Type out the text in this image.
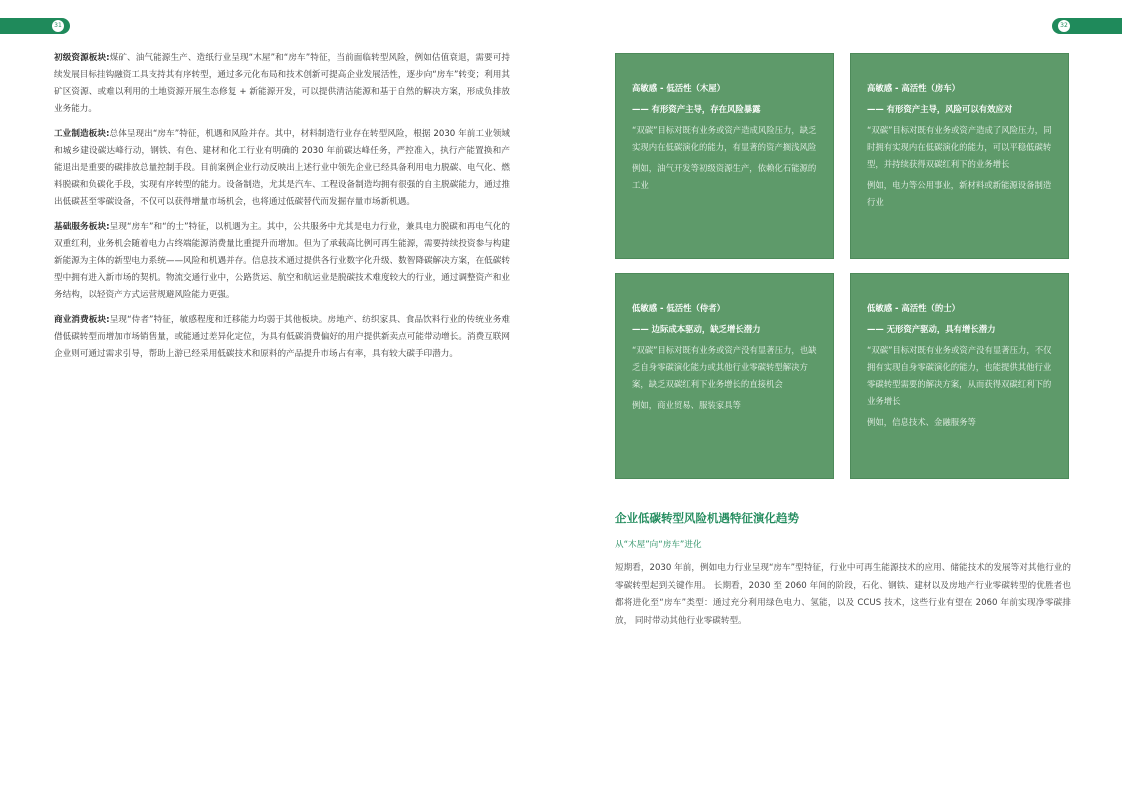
31	32

初级资源板块:煤矿、油气能源生产、造纸行业呈现“木屋”和“房车”特征，当前面临转型风险，例如估值衰退，需要可持续发展目标挂钩融资工具支持其有序转型，通过多元化布局和技术创新可提高企业发展活性，逐步向“房车”转变；利用其矿区资源、或难以利用的土地资源开展生态修复 + 新能源开发，可以提供清洁能源和基于自然的解决方案，形成负排放业务能力。

工业制造板块:总体呈现出“房车”特征，机遇和风险并存。其中，材料制造行业存在转型风险，根据 2030 年前工业领域和城乡建设碳达峰行动，钢铁、有色、建材和化工行业有明确的 2030 年前碳达峰任务，严控准入，执行产能置换和产能退出是重要的碳排放总量控制手段。目前案例企业行动反映出上述行业中领先企业已经具备利用电力脱碳、电气化、燃料脱碳和负碳化手段，实现有序转型的能力。设备制造，尤其是汽车、工程设备制造均拥有很强的自主脱碳能力，通过推出低碳甚至零碳设备，不仅可以获得增量市场机会，也将通过低碳替代而发掘存量市场新机遇。

基础服务板块:呈现“房车”和“的士”特征，以机遇为主。其中，公共服务中尤其是电力行业，兼具电力脱碳和再电气化的双重红利，业务机会随着电力占终端能源消费量比重提升而增加。但为了承载高比例可再生能源，需要持续投资参与构建新能源为主体的新型电力系统——风险和机遇并存。信息技术通过提供各行业数字化升级、数智降碳解决方案，在低碳转型中拥有进入新市场的契机。物流交通行业中，公路货运、航空和航运业是脱碳技术难度较大的行业，通过调整资产和业务结构，以轻资产方式运营规避风险能力更强。

商业消费板块:呈现“侍者”特征，敏感程度和迁移能力均弱于其他板块。房地产、纺织家具、食品饮料行业的传统业务难借低碳转型而增加市场销售量，或能通过差异化定位，为具有低碳消费偏好的用户提供新卖点可能带动增长。消费互联网企业则可通过需求引导，帮助上游已经采用低碳技术和原料的产品提升市场占有率，具有较大碳手印潜力。

高敏感 - 低活性（木屋）
—— 有形资产主导，存在风险暴露
“双碳”目标对既有业务或资产造成风险压力，缺乏实现内在低碳演化的能力，有显著的资产搁浅风险
例如，油气开发等初级资源生产，依赖化石能源的工业
高敏感 - 高活性（房车）
—— 有形资产主导，风险可以有效应对
“双碳”目标对既有业务或资产造成了风险压力，同时拥有实现内在低碳演化的能力，可以平稳低碳转型，并持续获得双碳红利下的业务增长
例如，电力等公用事业，新材料或新能源设备制造行业
低敏感 - 低活性（侍者）
—— 边际成本驱动，缺乏增长潜力
“双碳”目标对既有业务或资产没有显著压力，也缺乏自身零碳演化能力或其他行业零碳转型解决方案，缺乏双碳红利下业务增长的直接机会
例如，商业贸易、服装家具等
低敏感 - 高活性（的士）
—— 无形资产驱动，具有增长潜力
“双碳”目标对既有业务或资产没有显著压力，不仅拥有实现自身零碳演化的能力，也能提供其他行业零碳转型需要的解决方案，从而获得双碳红利下的业务增长
例如，信息技术、金融服务等
企业低碳转型风险机遇特征演化趋势
从“木屋”向“房车”进化
短期看，2030 年前，例如电力行业呈现“房车”型特征，行业中可再生能源技术的应用、储能技术的发展等对其他行业的零碳转型起到关键作用。 长期看，2030 至 2060 年间的阶段，石化、钢铁、建材以及房地产行业零碳转型的优胜者也都将进化至“房车”类型：通过充分利用绿色电力、氢能，以及 CCUS 技术，这些行业有望在 2060 年前实现净零碳排放， 同时带动其他行业零碳转型。
